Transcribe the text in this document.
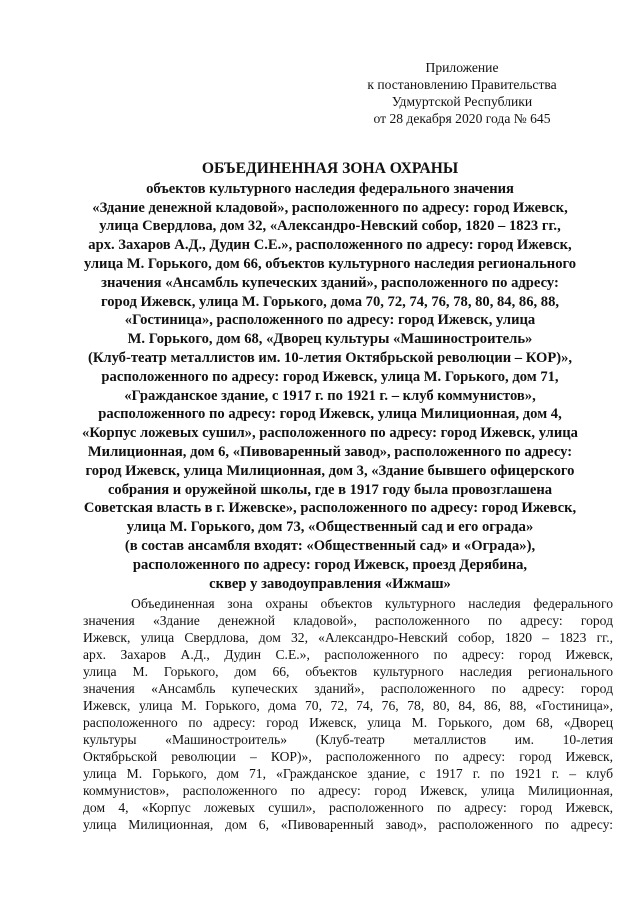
Приложение
к постановлению Правительства
Удмуртской Республики
от 28 декабря 2020 года № 645
ОБЪЕДИНЕННАЯ ЗОНА ОХРАНЫ
объектов культурного наследия федерального значения
«Здание денежной кладовой», расположенного по адресу: город Ижевск,
улица Свердлова, дом 32, «Александро-Невский собор, 1820 – 1823 гг.,
арх. Захаров А.Д., Дудин С.Е.», расположенного по адресу: город Ижевск,
улица М. Горького, дом 66, объектов культурного наследия регионального
значения «Ансамбль купеческих зданий», расположенного по адресу:
город Ижевск, улица М. Горького, дома 70, 72, 74, 76, 78, 80, 84, 86, 88,
«Гостиница», расположенного по адресу: город Ижевск, улица
М. Горького, дом 68, «Дворец культуры «Машиностроитель»
(Клуб-театр металлистов им. 10-летия Октябрьской революции – КОР)»,
расположенного по адресу: город Ижевск, улица М. Горького, дом 71,
«Гражданское здание, с 1917 г. по 1921 г. – клуб коммунистов»,
расположенного по адресу: город Ижевск, улица Милиционная, дом 4,
«Корпус ложевых сушил», расположенного по адресу: город Ижевск, улица
Милиционная, дом 6, «Пивоваренный завод», расположенного по адресу:
город Ижевск, улица Милиционная, дом 3, «Здание бывшего офицерского
собрания и оружейной школы, где в 1917 году была провозглашена
Советская власть в г. Ижевске», расположенного по адресу: город Ижевск,
улица М. Горького, дом 73, «Общественный сад и его ограда»
(в состав ансамбля входят: «Общественный сад» и «Ограда»),
расположенного по адресу: город Ижевск, проезд Дерябина,
сквер у заводоуправления «Ижмаш»
Объединенная зона охраны объектов культурного наследия федерального
значения «Здание денежной кладовой», расположенного по адресу: город
Ижевск, улица Свердлова, дом 32, «Александро-Невский собор, 1820 – 1823 гг.,
арх. Захаров А.Д., Дудин С.Е.», расположенного по адресу: город Ижевск,
улица М. Горького, дом 66, объектов культурного наследия регионального
значения «Ансамбль купеческих зданий», расположенного по адресу: город
Ижевск, улица М. Горького, дома 70, 72, 74, 76, 78, 80, 84, 86, 88, «Гостиница»,
расположенного по адресу: город Ижевск, улица М. Горького, дом 68, «Дворец
культуры «Машиностроитель» (Клуб-театр металлистов им. 10-летия
Октябрьской революции – КОР)», расположенного по адресу: город Ижевск,
улица М. Горького, дом 71, «Гражданское здание, с 1917 г. по 1921 г. – клуб
коммунистов», расположенного по адресу: город Ижевск, улица Милиционная,
дом 4, «Корпус ложевых сушил», расположенного по адресу: город Ижевск,
улица Милиционная, дом 6, «Пивоваренный завод», расположенного по адресу:
